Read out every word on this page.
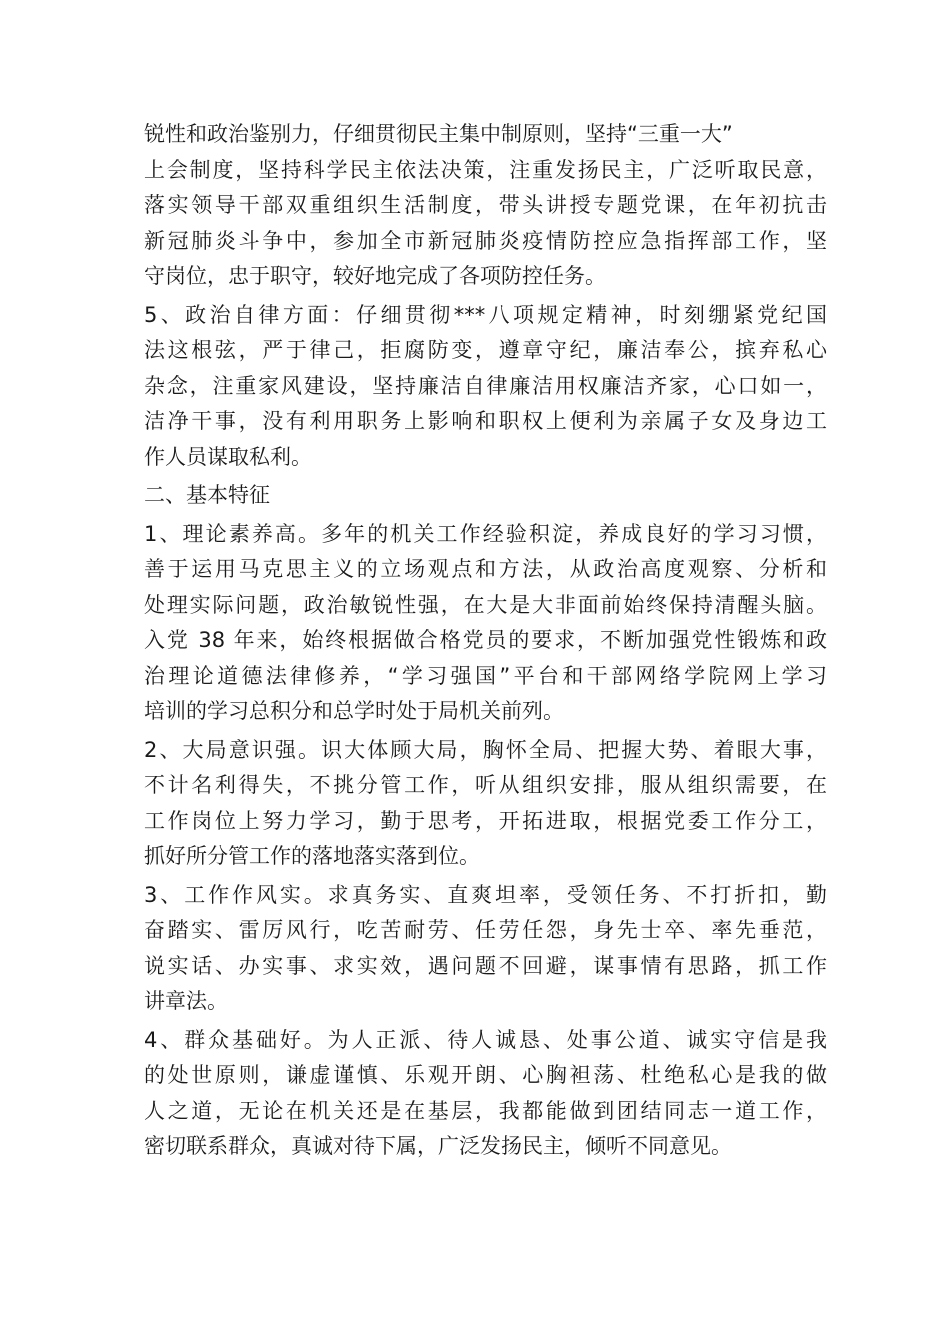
锐性和政治鉴别力，仔细贯彻民主集中制原则，坚持“三重一大”
上会制度，坚持科学民主依法决策，注重发扬民主，广泛听取民意，
落实领导干部双重组织生活制度，带头讲授专题党课，在年初抗击
新冠肺炎斗争中，参加全市新冠肺炎疫情防控应急指挥部工作，坚
守岗位，忠于职守，较好地完成了各项防控任务。
5、政治自律方面：仔细贯彻***八项规定精神，时刻绷紧党纪国
法这根弦，严于律己，拒腐防变，遵章守纪，廉洁奉公，摈弃私心
杂念，注重家风建设，坚持廉洁自律廉洁用权廉洁齐家，心口如一，
洁净干事，没有利用职务上影响和职权上便利为亲属子女及身边工
作人员谋取私利。
二、基本特征
1、理论素养高。多年的机关工作经验积淀，养成良好的学习习惯，
善于运用马克思主义的立场观点和方法，从政治高度观察、分析和
处理实际问题，政治敏锐性强，在大是大非面前始终保持清醒头脑。
入党 38 年来，始终根据做合格党员的要求，不断加强党性锻炼和政
治理论道德法律修养，“学习强国”平台和干部网络学院网上学习
培训的学习总积分和总学时处于局机关前列。
2、大局意识强。识大体顾大局，胸怀全局、把握大势、着眼大事，
不计名利得失，不挑分管工作，听从组织安排，服从组织需要，在
工作岗位上努力学习，勤于思考，开拓进取，根据党委工作分工，
抓好所分管工作的落地落实落到位。
3、工作作风实。求真务实、直爽坦率，受领任务、不打折扣，勤
奋踏实、雷厉风行，吃苦耐劳、任劳任怨，身先士卒、率先垂范，
说实话、办实事、求实效，遇问题不回避，谋事情有思路，抓工作
讲章法。
4、群众基础好。为人正派、待人诚恳、处事公道、诚实守信是我
的处世原则，谦虚谨慎、乐观开朗、心胸袒荡、杜绝私心是我的做
人之道，无论在机关还是在基层，我都能做到团结同志一道工作，
密切联系群众，真诚对待下属，广泛发扬民主，倾听不同意见。
